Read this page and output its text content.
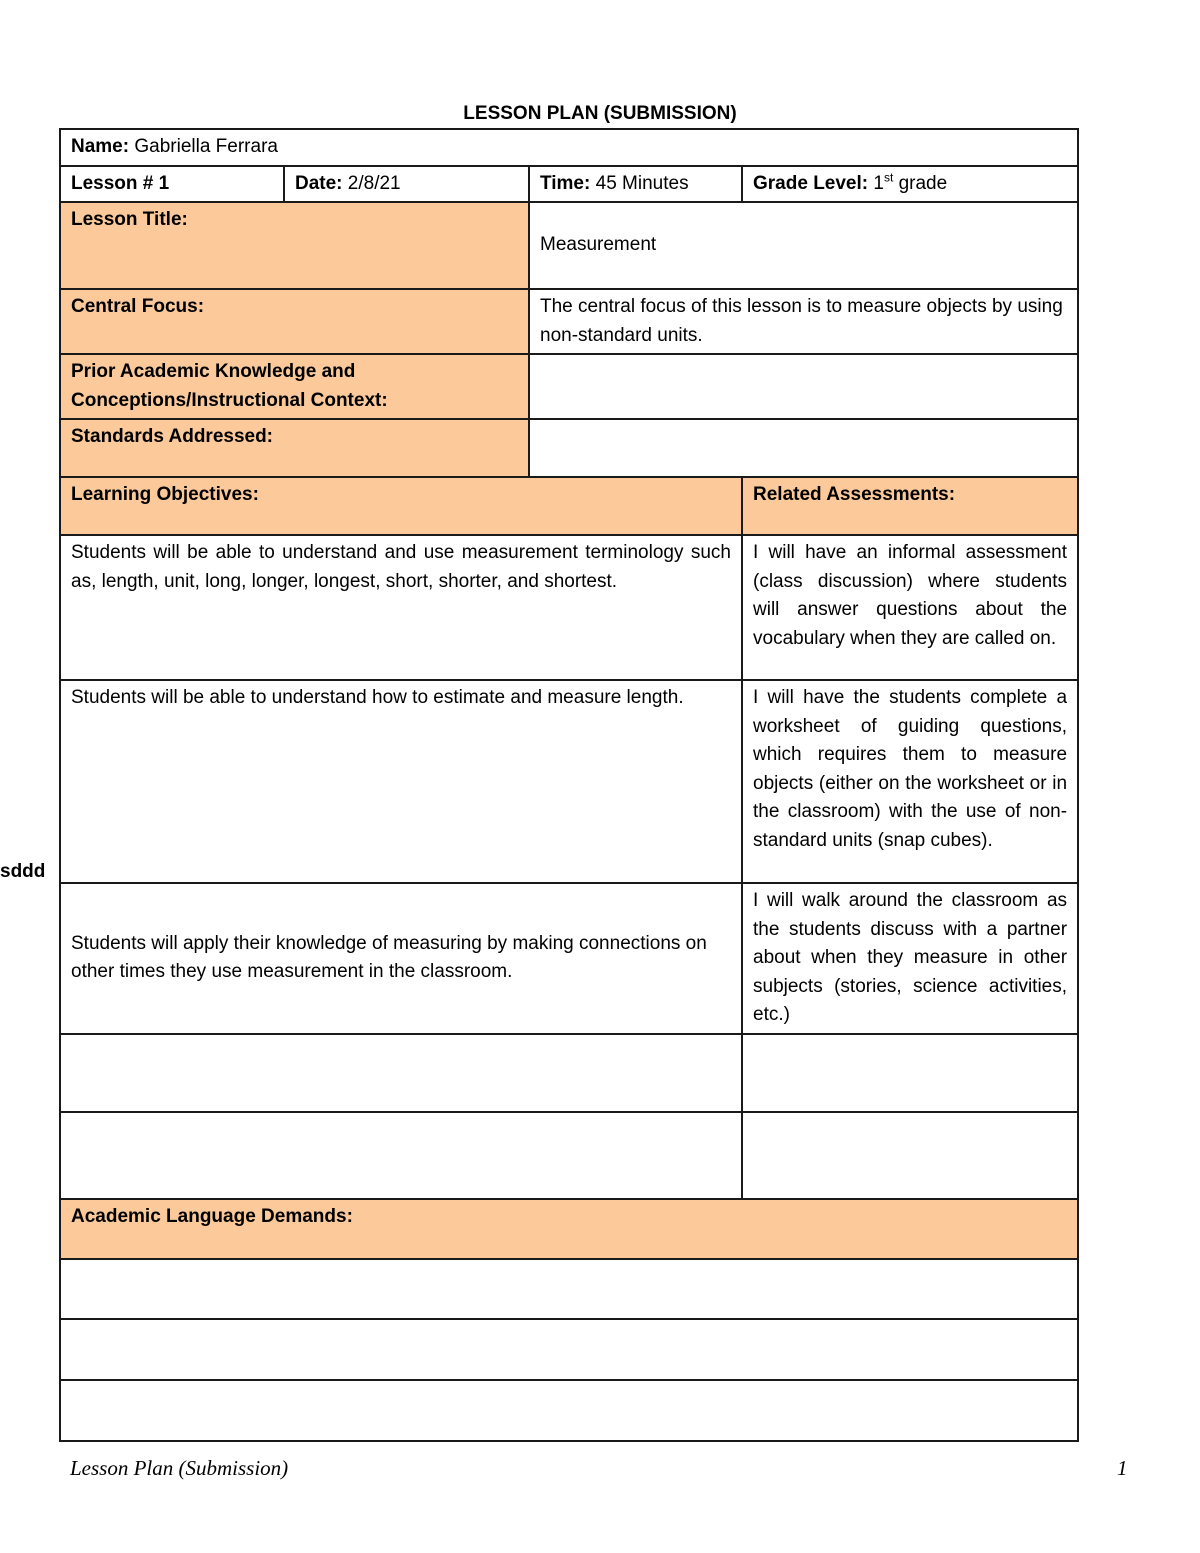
LESSON PLAN (SUBMISSION)
sddd
Name: Gabriella Ferrara			
Lesson # 1	Date: 2/8/21	Time: 45 Minutes	Grade Level: 1st grade
Lesson Title:		Measurement	
Central Focus:		The central focus of this lesson is to measure objects by using non-standard units.	
Prior Academic Knowledge and Conceptions/Instructional Context:			
Standards Addressed:			
Learning Objectives:			Related Assessments:
Students will be able to understand and use measurement terminology such as, length, unit, long, longer, longest, short, shorter, and shortest.			I will have an informal assessment (class discussion) where students will answer questions about the vocabulary when they are called on.
Students will be able to understand how to estimate and measure length.			I will have the students complete a worksheet of guiding questions, which requires them to measure objects (either on the worksheet or in the classroom) with the use of non-standard units (snap cubes).
Students will apply their knowledge of measuring by making connections on other times they use measurement in the classroom.			I will walk around the classroom as the students discuss with a partner about when they measure in other subjects (stories, science activities, etc.)

Academic Language Demands:			

Lesson Plan (Submission)	1
